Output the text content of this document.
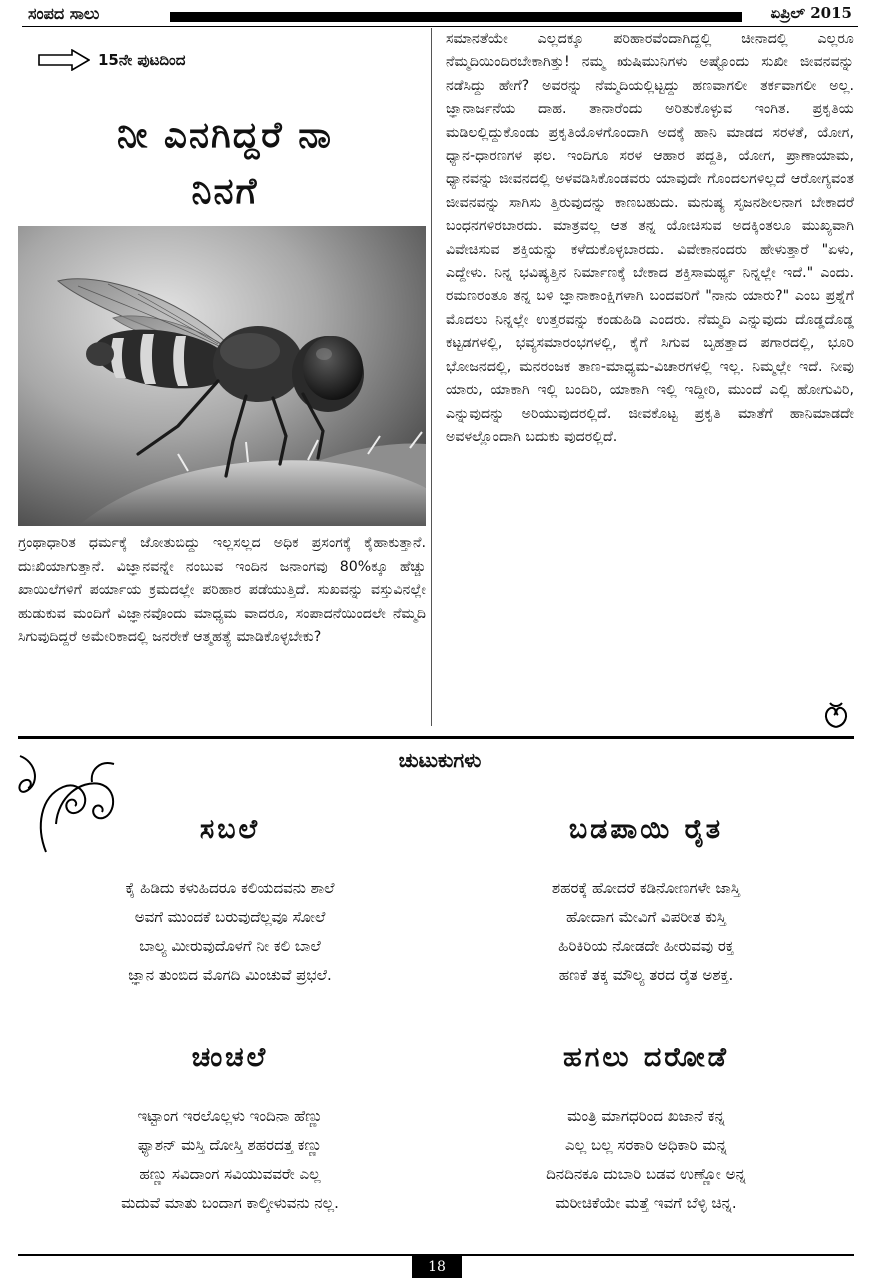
ಸಂಪದ ಸಾಲು	ಏಪ್ರಿಲ್ 2015
15ನೇ ಪುಟದಿಂದ
ನೀ ಎನಗಿದ್ದರೆ ನಾ
ನಿನಗೆ
ಗ್ರಂಥಾಧಾರಿತ ಧರ್ಮಕ್ಕೆ ಜೋತುಬಿದ್ದು ಇಲ್ಲಸಲ್ಲದ ಅಧಿಕ ಪ್ರಸಂಗಕ್ಕೆ ಕೈಹಾಕುತ್ತಾನೆ. ದುಃಖಿಯಾಗುತ್ತಾನೆ. ವಿಜ್ಞಾನವನ್ನೇ ನಂಬುವ ಇಂದಿನ ಜನಾಂಗವು 80%ಕ್ಕೂ ಹೆಚ್ಚು ಖಾಯಿಲೆಗಳಿಗೆ ಪರ್ಯಾಯ ಕ್ರಮದಲ್ಲೇ ಪರಿಹಾರ ಪಡೆಯುತ್ತಿದೆ. ಸುಖವನ್ನು ವಸ್ತುವಿನಲ್ಲೇ ಹುಡುಕುವ ಮಂದಿಗೆ ವಿಜ್ಞಾನವೊಂದು ಮಾಧ್ಯಮ ವಾದರೂ, ಸಂಪಾದನೆಯಿಂದಲೇ ನೆಮ್ಮದಿ ಸಿಗುವುದಿದ್ದರೆ ಅಮೇರಿಕಾದಲ್ಲಿ ಜನರೇಕೆ ಆತ್ಮಹತ್ಯೆ ಮಾಡಿಕೊಳ್ಳಬೇಕು?
ಸಮಾನತೆಯೇ ಎಲ್ಲದಕ್ಕೂ ಪರಿಹಾರವೆಂದಾಗಿದ್ದಲ್ಲಿ ಚೀನಾದಲ್ಲಿ ಎಲ್ಲರೂ ನೆಮ್ಮದಿಯಿಂದಿರಬೇಕಾಗಿತ್ತು! ನಮ್ಮ ಋಷಿಮುನಿಗಳು ಅಷ್ಟೊಂದು ಸುಖೀ ಜೀವನವನ್ನು ನಡೆಸಿದ್ದು ಹೇಗೆ? ಅವರನ್ನು ನೆಮ್ಮದಿಯಲ್ಲಿಟ್ಟದ್ದು ಹಣವಾಗಲೀ ತರ್ಕವಾಗಲೀ ಅಲ್ಲ. ಜ್ಞಾನಾರ್ಜನೆಯ ದಾಹ. ತಾನಾರೆಂದು ಅರಿತುಕೊಳ್ಳುವ ಇಂಗಿತ. ಪ್ರಕೃತಿಯ ಮಡಿಲಲ್ಲಿದ್ದುಕೊಂಡು ಪ್ರಕೃತಿಯೊಳಗೊಂದಾಗಿ ಅದಕ್ಕೆ ಹಾನಿ ಮಾಡದ ಸರಳತೆ, ಯೋಗ, ಧ್ಯಾನ-ಧಾರಣಗಳ ಫಲ. ಇಂದಿಗೂ ಸರಳ ಆಹಾರ ಪದ್ದತಿ, ಯೋಗ, ಪ್ರಾಣಾಯಾಮ, ಧ್ಯಾನವನ್ನು ಜೀವನದಲ್ಲಿ ಅಳವಡಿಸಿಕೊಂಡವರು ಯಾವುದೇ ಗೊಂದಲಗಳಿಲ್ಲದೆ ಆರೋಗ್ಯವಂತ ಜೀವನವನ್ನು ಸಾಗಿಸು ತ್ತಿರುವುದನ್ನು ಕಾಣಬಹುದು. ಮನುಷ್ಯ ಸೃಜನಶೀಲನಾಗ ಬೇಕಾದರೆ ಬಂಧನಗಳಿರಬಾರದು. ಮಾತ್ರವಲ್ಲ ಆತ ತನ್ನ ಯೋಚಿಸುವ ಅದಕ್ಕಿಂತಲೂ ಮುಖ್ಯವಾಗಿ ವಿವೇಚಿಸುವ ಶಕ್ತಿಯನ್ನು ಕಳೆದುಕೊಳ್ಳಬಾರದು. ವಿವೇಕಾನಂದರು ಹೇಳುತ್ತಾರೆ "ಏಳು, ಎದ್ದೇಳು. ನಿನ್ನ ಭವಿಷ್ಯತ್ತಿನ ನಿರ್ಮಾಣಕ್ಕೆ ಬೇಕಾದ ಶಕ್ತಿಸಾಮರ್ಥ್ಯ ನಿನ್ನಲ್ಲೇ ಇದೆ." ಎಂದು. ರಮಣರಂತೂ ತನ್ನ ಬಳಿ ಜ್ಞಾನಾಕಾಂಕ್ಷಿಗಳಾಗಿ ಬಂದವರಿಗೆ "ನಾನು ಯಾರು?" ಎಂಬ ಪ್ರಶ್ನೆಗೆ ಮೊದಲು ನಿನ್ನಲ್ಲೇ ಉತ್ತರವನ್ನು ಕಂಡುಹಿಡಿ ಎಂದರು. ನೆಮ್ಮದಿ ಎನ್ನುವುದು ದೊಡ್ಡದೊಡ್ಡ ಕಟ್ಟಡಗಳಲ್ಲಿ, ಭವ್ಯಸಮಾರಂಭಗಳಲ್ಲಿ, ಕೈಗೆ ಸಿಗುವ ಬೃಹತ್ತಾದ ಪಗಾರದಲ್ಲಿ, ಭೂರಿ ಭೋಜನದಲ್ಲಿ, ಮನರಂಜಕ ತಾಣ-ಮಾಧ್ಯಮ-ವಿಚಾರಗಳಲ್ಲಿ ಇಲ್ಲ. ನಿಮ್ಮಲ್ಲೇ ಇದೆ. ನೀವು ಯಾರು, ಯಾಕಾಗಿ ಇಲ್ಲಿ ಬಂದಿರಿ, ಯಾಕಾಗಿ ಇಲ್ಲಿ ಇದ್ದೀರಿ, ಮುಂದೆ ಎಲ್ಲಿ ಹೋಗುವಿರಿ, ಎನ್ನುವುದನ್ನು ಅರಿಯುವುದರಲ್ಲಿದೆ. ಜೀವಕೊಟ್ಟ ಪ್ರಕೃತಿ ಮಾತೆಗೆ ಹಾನಿಮಾಡದೇ ಅವಳಲ್ಲೊಂದಾಗಿ ಬದುಕು ವುದರಲ್ಲಿದೆ.
ಚುಟುಕುಗಳು
ಸಬಲೆ
ಕೈ ಹಿಡಿದು ಕಳುಹಿದರೂ ಕಲಿಯದವನು ಶಾಲೆ
ಅವಗೆ ಮುಂದಕೆ ಬರುವುದೆಲ್ಲವೂ ಸೋಲೆ
ಬಾಲ್ಯ ಮೀರುವುದೊಳಗೆ ನೀ ಕಲಿ ಬಾಲೆ
ಜ್ಞಾನ ತುಂಬಿದ ಮೊಗದಿ ಮಿಂಚುವೆ ಪ್ರಭಲೆ.
ಬಡಪಾಯಿ ರೈತ
ಶಹರಕ್ಕೆ ಹೋದರೆ ಕಡಿನೋಣಗಳೇ ಜಾಸ್ತಿ
ಹೋದಾಗ ಮೇವಿಗೆ ವಿಪರೀತ ಕುಸ್ತಿ
ಹಿರಿಕಿರಿಯ ನೋಡದೇ ಹೀರುವವು ರಕ್ತ
ಹಣಕೆ ತಕ್ಕ ಮೌಲ್ಯ ತರದ ರೈತ ಅಶಕ್ತ.
ಚಂಚಲೆ
ಇಟ್ಟಾಂಗ ಇರಲೊಲ್ಲಳು ಇಂದಿನಾ ಹೆಣ್ಣು
ಫ್ಯಾಶನ್ ಮಸ್ತಿ ದೋಸ್ತಿ ಶಹರದತ್ತ ಕಣ್ಣು
ಹಣ್ಣು ಸವಿದಾಂಗ ಸವಿಯುವವರೇ ಎಲ್ಲ
ಮದುವೆ ಮಾತು ಬಂದಾಗ ಕಾಲ್ಕೀಳುವನು ನಲ್ಲ.
ಹಗಲು ದರೋಡೆ
ಮಂತ್ರಿ ಮಾಗಧರಿಂದ ಖಜಾನೆ ಕನ್ನ
ಎಲ್ಲ ಬಲ್ಲ ಸರಕಾರಿ ಅಧಿಕಾರಿ ಮನ್ನ
ದಿನದಿನಕೂ ದುಬಾರಿ ಬಡವ ಉಣ್ಣೋ ಅನ್ನ
ಮರೀಚಿಕೆಯೇ ಮತ್ತೆ ಇವಗೆ ಬೆಳ್ಳಿ ಚಿನ್ನ.
18
